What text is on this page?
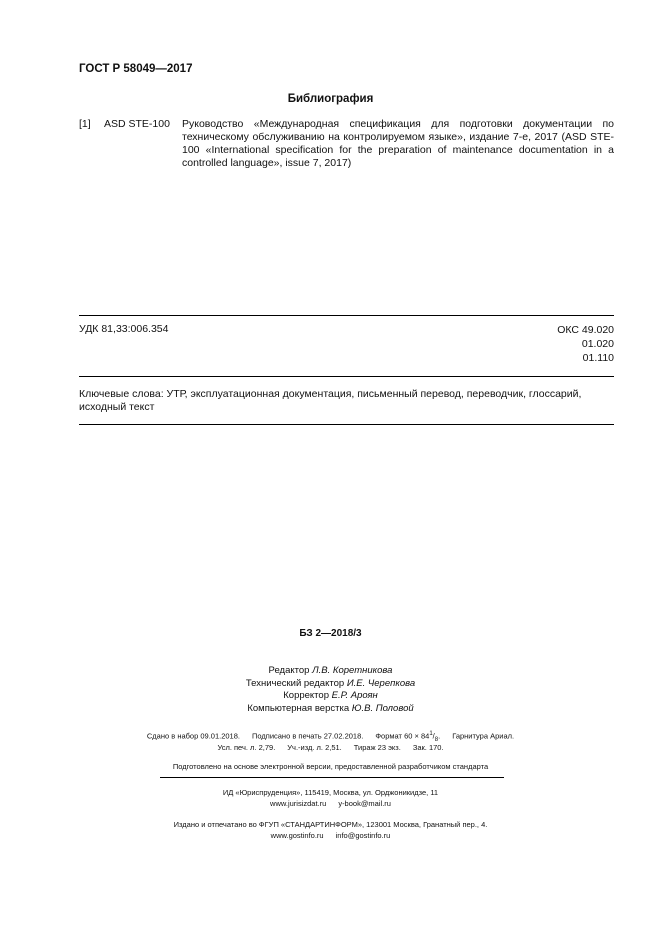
ГОСТ Р 58049—2017
Библиография
[1] ASD STE-100 Руководство «Международная спецификация для подготовки документации по техническому обслуживанию на контролируемом языке», издание 7-е, 2017 (ASD STE-100 «International specification for the preparation of maintenance documentation in a controlled language», issue 7, 2017)
УДК 81,33:006.354	ОКС 49.020
01.020
01.110
Ключевые слова: УТР, эксплуатационная документация, письменный перевод, переводчик, глоссарий, исходный текст
БЗ 2—2018/3
Редактор Л.В. Коретникова
Технический редактор И.Е. Черепкова
Корректор Е.Р. Ароян
Компьютерная верстка Ю.В. Половой
Сдано в набор 09.01.2018. Подписано в печать 27.02.2018. Формат $60 \times 84^1/_8$. Гарнитура Ариал.
Усл. печ. л. 2,79. Уч.-изд. л. 2,51. Тираж 23 экз. Зак. 170.
Подготовлено на основе электронной версии, предоставленной разработчиком стандарта
ИД «Юриспруденция», 115419, Москва, ул. Орджоникидзе, 11
www.jurisizdat.ru y-book@mail.ru
Издано и отпечатано во ФГУП «СТАНДАРТИНФОРМ», 123001 Москва, Гранатный пер., 4.
www.gostinfo.ru info@gostinfo.ru
